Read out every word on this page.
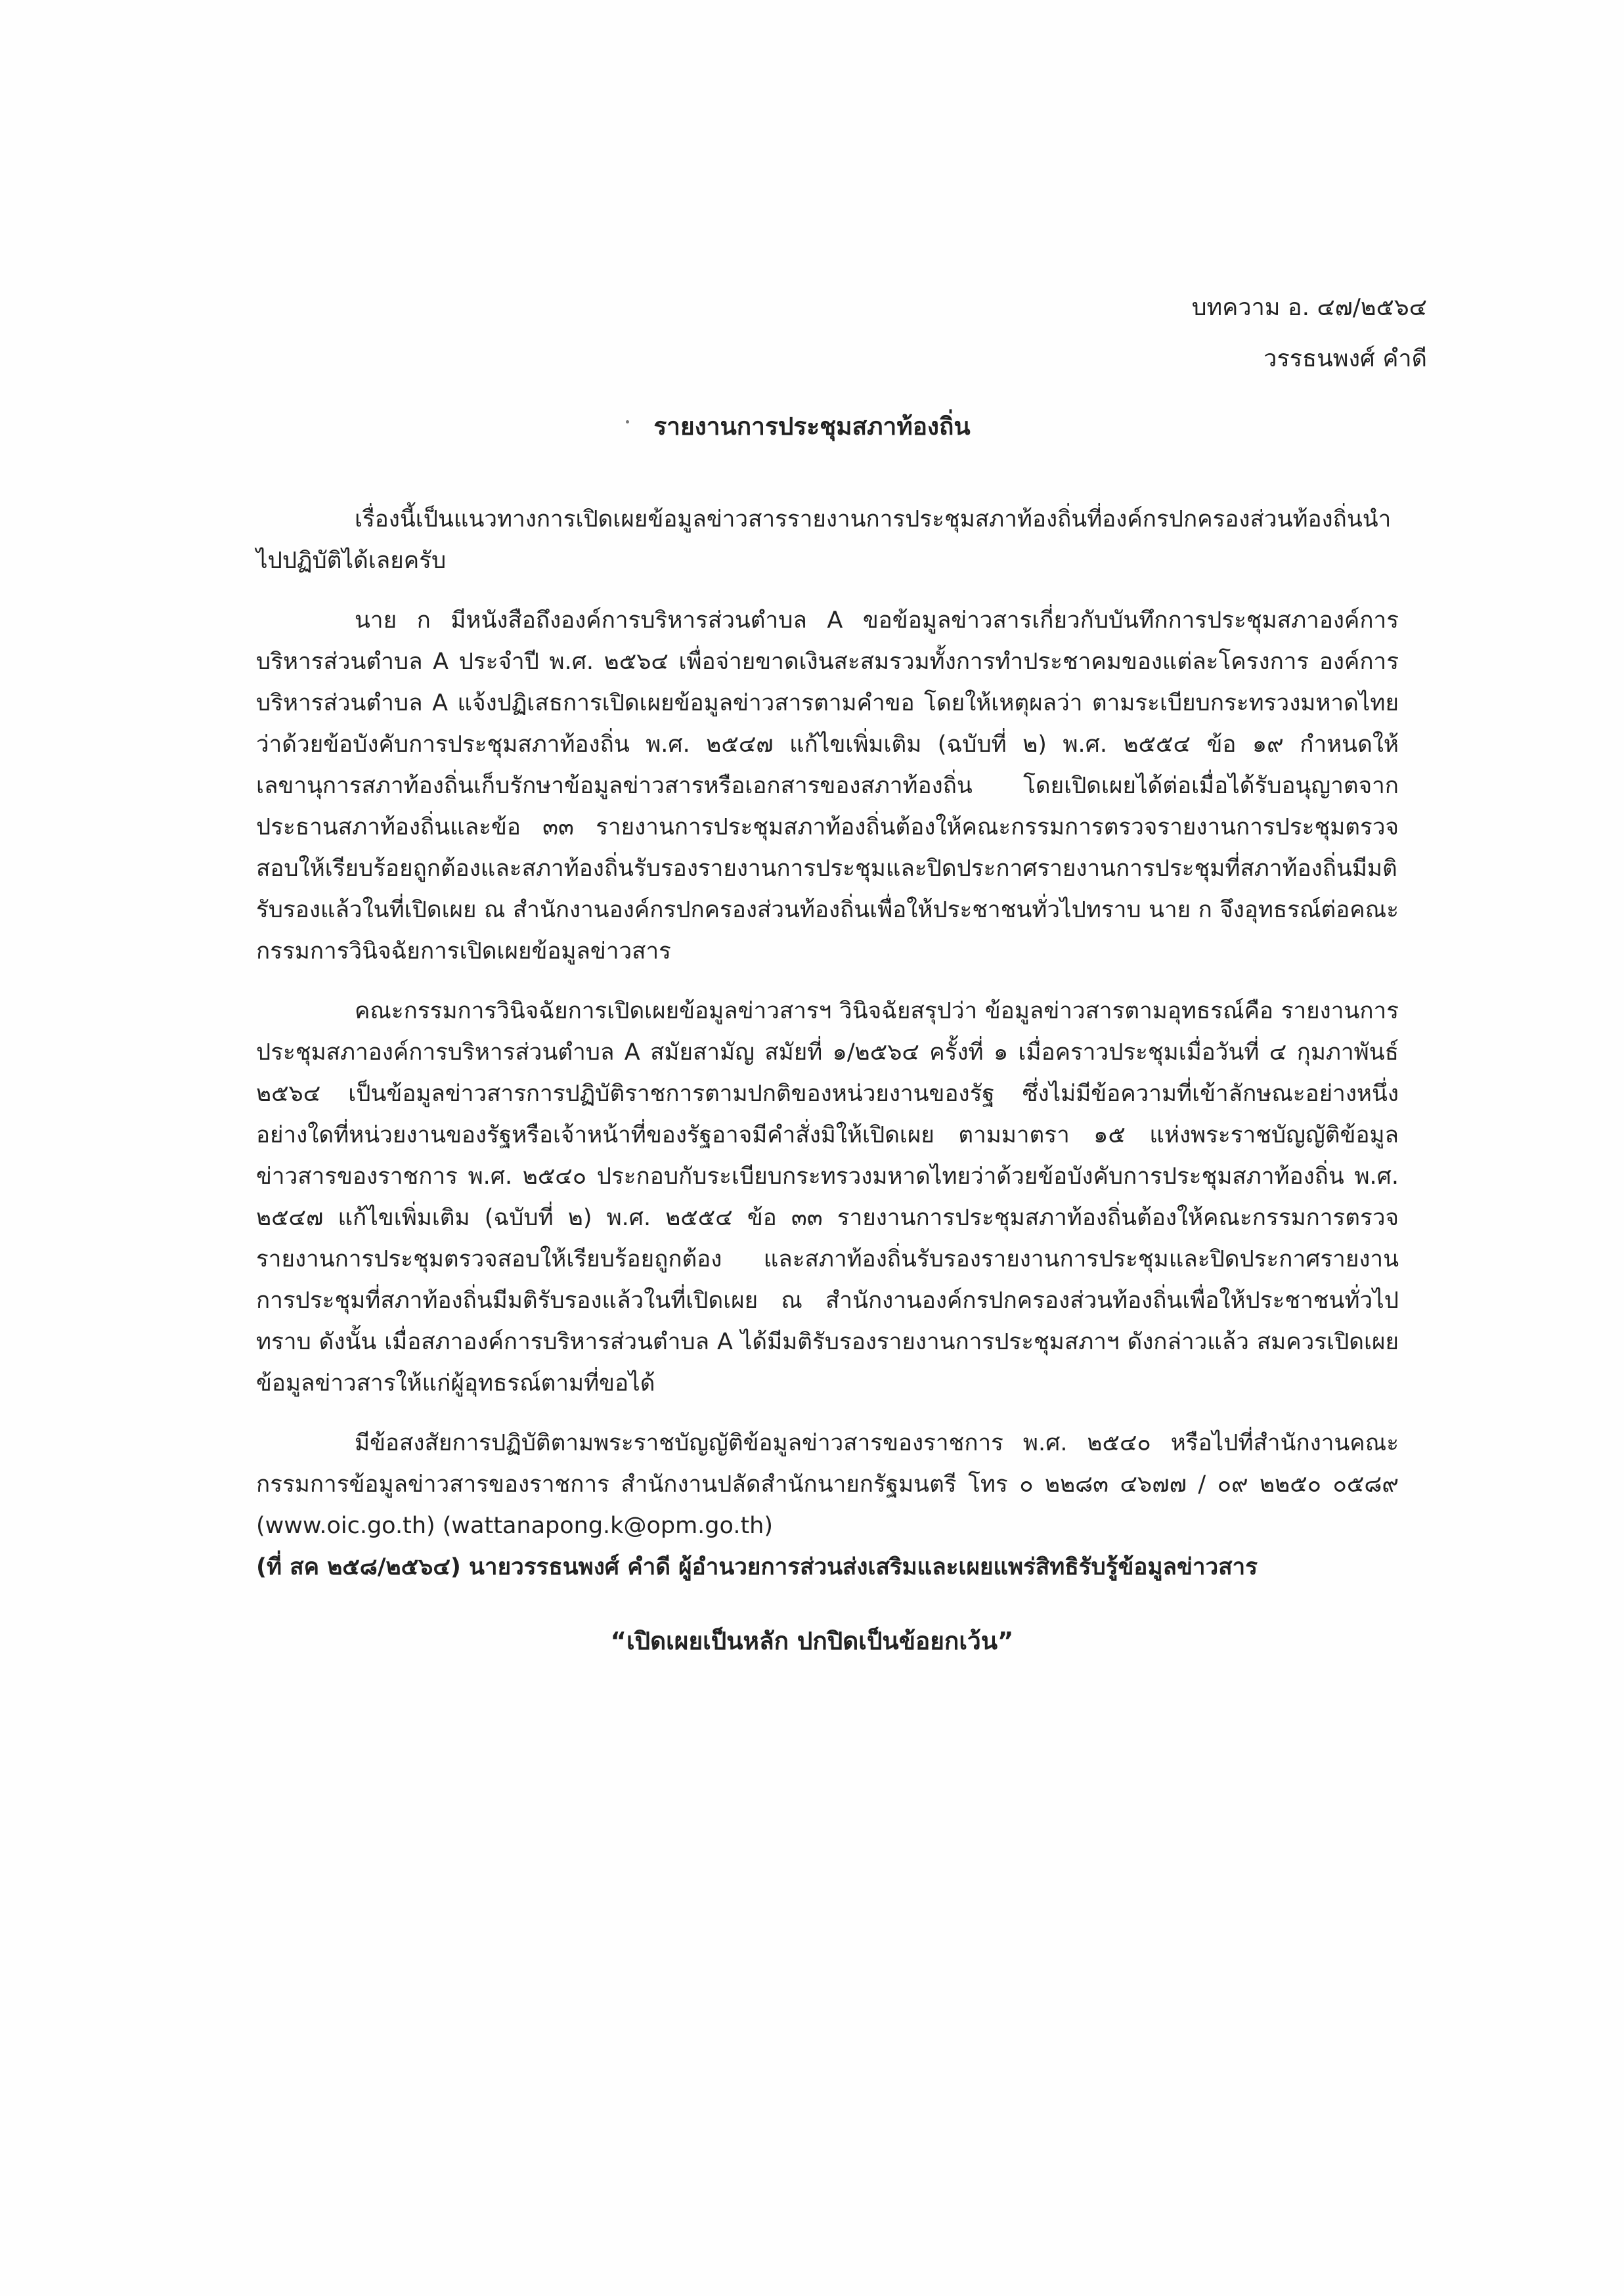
บทความ อ. ๔๗/๒๕๖๔
วรรธนพงศ์ คำดี
รายงานการประชุมสภาท้องถิ่น

เรื่องนี้เป็นแนวทางการเปิดเผยข้อมูลข่าวสารรายงานการประชุมสภาท้องถิ่นที่องค์กรปกครองส่วนท้องถิ่นนำไปปฏิบัติได้เลยครับ

นาย ก มีหนังสือถึงองค์การบริหารส่วนตำบล A ขอข้อมูลข่าวสารเกี่ยวกับบันทึกการประชุมสภาองค์การบริหารส่วนตำบล A ประจำปี พ.ศ. ๒๕๖๔ เพื่อจ่ายขาดเงินสะสมรวมทั้งการทำประชาคมของแต่ละโครงการ องค์การบริหารส่วนตำบล A แจ้งปฏิเสธการเปิดเผยข้อมูลข่าวสารตามคำขอ โดยให้เหตุผลว่า ตามระเบียบกระทรวงมหาดไทยว่าด้วยข้อบังคับการประชุมสภาท้องถิ่น พ.ศ. ๒๕๔๗ แก้ไขเพิ่มเติม (ฉบับที่ ๒) พ.ศ. ๒๕๕๔ ข้อ ๑๙ กำหนดให้เลขานุการสภาท้องถิ่นเก็บรักษาข้อมูลข่าวสารหรือเอกสารของสภาท้องถิ่น โดยเปิดเผยได้ต่อเมื่อได้รับอนุญาตจากประธานสภาท้องถิ่นและข้อ ๓๓ รายงานการประชุมสภาท้องถิ่นต้องให้คณะกรรมการตรวจรายงานการประชุมตรวจสอบให้เรียบร้อยถูกต้องและสภาท้องถิ่นรับรองรายงานการประชุมและปิดประกาศรายงานการประชุมที่สภาท้องถิ่นมีมติรับรองแล้วในที่เปิดเผย ณ สำนักงานองค์กรปกครองส่วนท้องถิ่นเพื่อให้ประชาชนทั่วไปทราบ นาย ก จึงอุทธรณ์ต่อคณะกรรมการวินิจฉัยการเปิดเผยข้อมูลข่าวสาร

คณะกรรมการวินิจฉัยการเปิดเผยข้อมูลข่าวสารฯ วินิจฉัยสรุปว่า ข้อมูลข่าวสารตามอุทธรณ์คือ รายงานการประชุมสภาองค์การบริหารส่วนตำบล A สมัยสามัญ สมัยที่ ๑/๒๕๖๔ ครั้งที่ ๑ เมื่อคราวประชุมเมื่อวันที่ ๔ กุมภาพันธ์ ๒๕๖๔ เป็นข้อมูลข่าวสารการปฏิบัติราชการตามปกติของหน่วยงานของรัฐ ซึ่งไม่มีข้อความที่เข้าลักษณะอย่างหนึ่งอย่างใดที่หน่วยงานของรัฐหรือเจ้าหน้าที่ของรัฐอาจมีคำสั่งมิให้เปิดเผย ตามมาตรา ๑๕ แห่งพระราชบัญญัติข้อมูลข่าวสารของราชการ พ.ศ. ๒๕๔๐ ประกอบกับระเบียบกระทรวงมหาดไทยว่าด้วยข้อบังคับการประชุมสภาท้องถิ่น พ.ศ. ๒๕๔๗ แก้ไขเพิ่มเติม (ฉบับที่ ๒) พ.ศ. ๒๕๕๔ ข้อ ๓๓ รายงานการประชุมสภาท้องถิ่นต้องให้คณะกรรมการตรวจรายงานการประชุมตรวจสอบให้เรียบร้อยถูกต้อง และสภาท้องถิ่นรับรองรายงานการประชุมและปิดประกาศรายงานการประชุมที่สภาท้องถิ่นมีมติรับรองแล้วในที่เปิดเผย ณ สำนักงานองค์กรปกครองส่วนท้องถิ่นเพื่อให้ประชาชนทั่วไปทราบ ดังนั้น เมื่อสภาองค์การบริหารส่วนตำบล A ได้มีมติรับรองรายงานการประชุมสภาฯ ดังกล่าวแล้ว สมควรเปิดเผยข้อมูลข่าวสารให้แก่ผู้อุทธรณ์ตามที่ขอได้

มีข้อสงสัยการปฏิบัติตามพระราชบัญญัติข้อมูลข่าวสารของราชการ พ.ศ. ๒๕๔๐ หรือไปที่สำนักงานคณะกรรมการข้อมูลข่าวสารของราชการ สำนักงานปลัดสำนักนายกรัฐมนตรี โทร ๐ ๒๒๘๓ ๔๖๗๗ / ๐๙ ๒๒๕๐ ๐๕๘๙ (www.oic.go.th) (wattanapong.k@opm.go.th)

(ที่ สค ๒๕๘/๒๕๖๔) นายวรรธนพงศ์ คำดี ผู้อำนวยการส่วนส่งเสริมและเผยแพร่สิทธิรับรู้ข้อมูลข่าวสาร

“เปิดเผยเป็นหลัก ปกปิดเป็นข้อยกเว้น”
